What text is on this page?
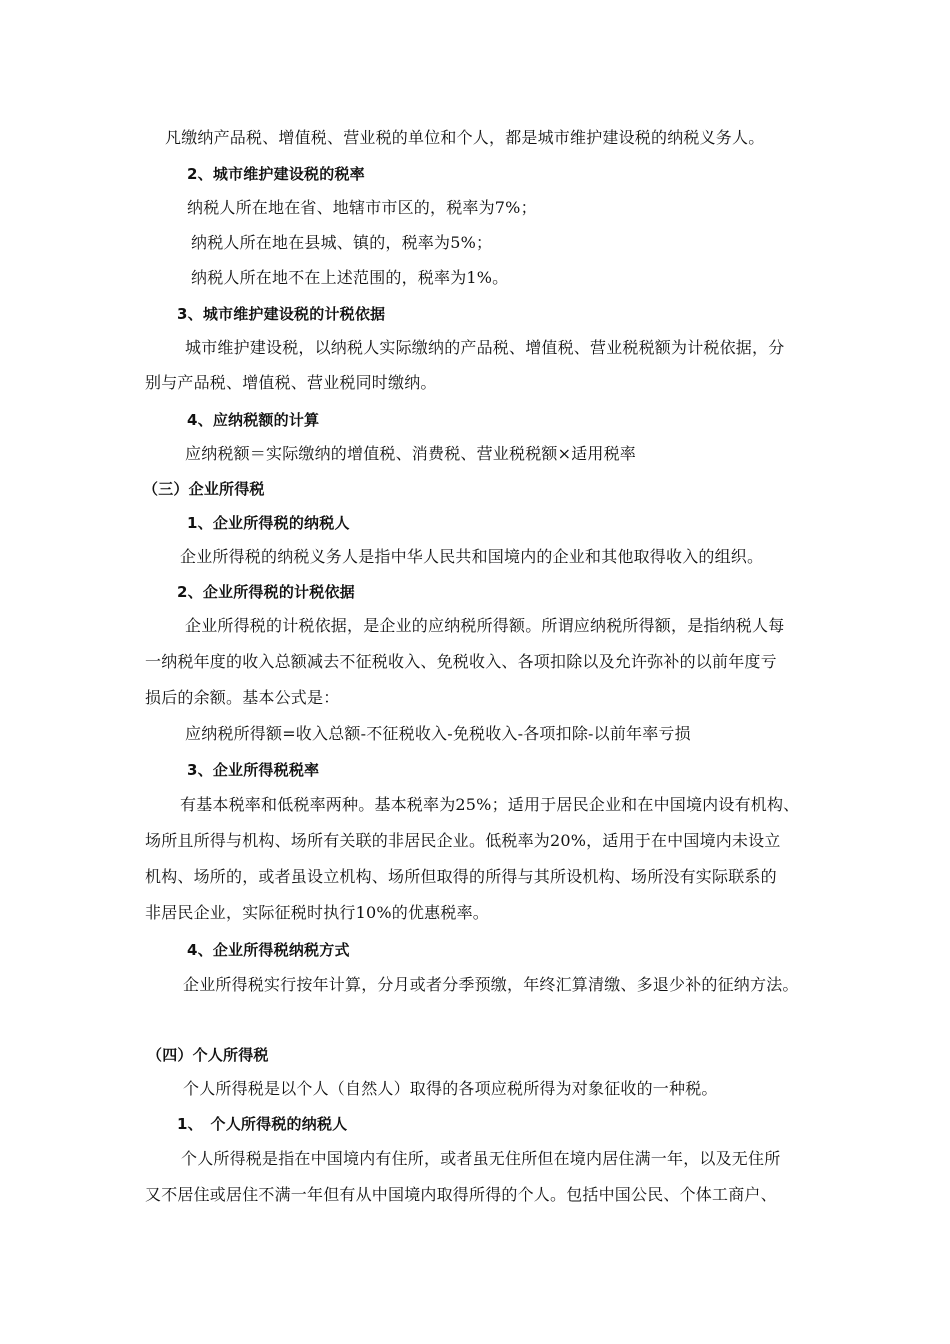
凡缴纳产品税、增值税、营业税的单位和个人，都是城市维护建设税的纳税义务人。
2、城市维护建设税的税率
纳税人所在地在省、地辖市市区的，税率为7%；
纳税人所在地在县城、镇的，税率为5%；
纳税人所在地不在上述范围的，税率为1%。
3、城市维护建设税的计税依据
城市维护建设税，以纳税人实际缴纳的产品税、增值税、营业税税额为计税依据，分
别与产品税、增值税、营业税同时缴纳。
4、应纳税额的计算
应纳税额＝实际缴纳的增值税、消费税、营业税税额×适用税率
（三）企业所得税
1、企业所得税的纳税人
企业所得税的纳税义务人是指中华人民共和国境内的企业和其他取得收入的组织。
2、企业所得税的计税依据
企业所得税的计税依据，是企业的应纳税所得额。所谓应纳税所得额，是指纳税人每
一纳税年度的收入总额减去不征税收入、免税收入、各项扣除以及允许弥补的以前年度亏
损后的余额。基本公式是：
应纳税所得额=收入总额-不征税收入-免税收入-各项扣除-以前年率亏损
3、企业所得税税率
有基本税率和低税率两种。基本税率为25%；适用于居民企业和在中国境内设有机构、
场所且所得与机构、场所有关联的非居民企业。低税率为20%，适用于在中国境内未设立
机构、场所的，或者虽设立机构、场所但取得的所得与其所设机构、场所没有实际联系的
非居民企业，实际征税时执行10%的优惠税率。
4、企业所得税纳税方式
企业所得税实行按年计算，分月或者分季预缴，年终汇算清缴、多退少补的征纳方法。
（四）个人所得税
个人所得税是以个人（自然人）取得的各项应税所得为对象征收的一种税。
1、　个人所得税的纳税人
个人所得税是指在中国境内有住所，或者虽无住所但在境内居住满一年，以及无住所
又不居住或居住不满一年但有从中国境内取得所得的个人。包括中国公民、个体工商户、
